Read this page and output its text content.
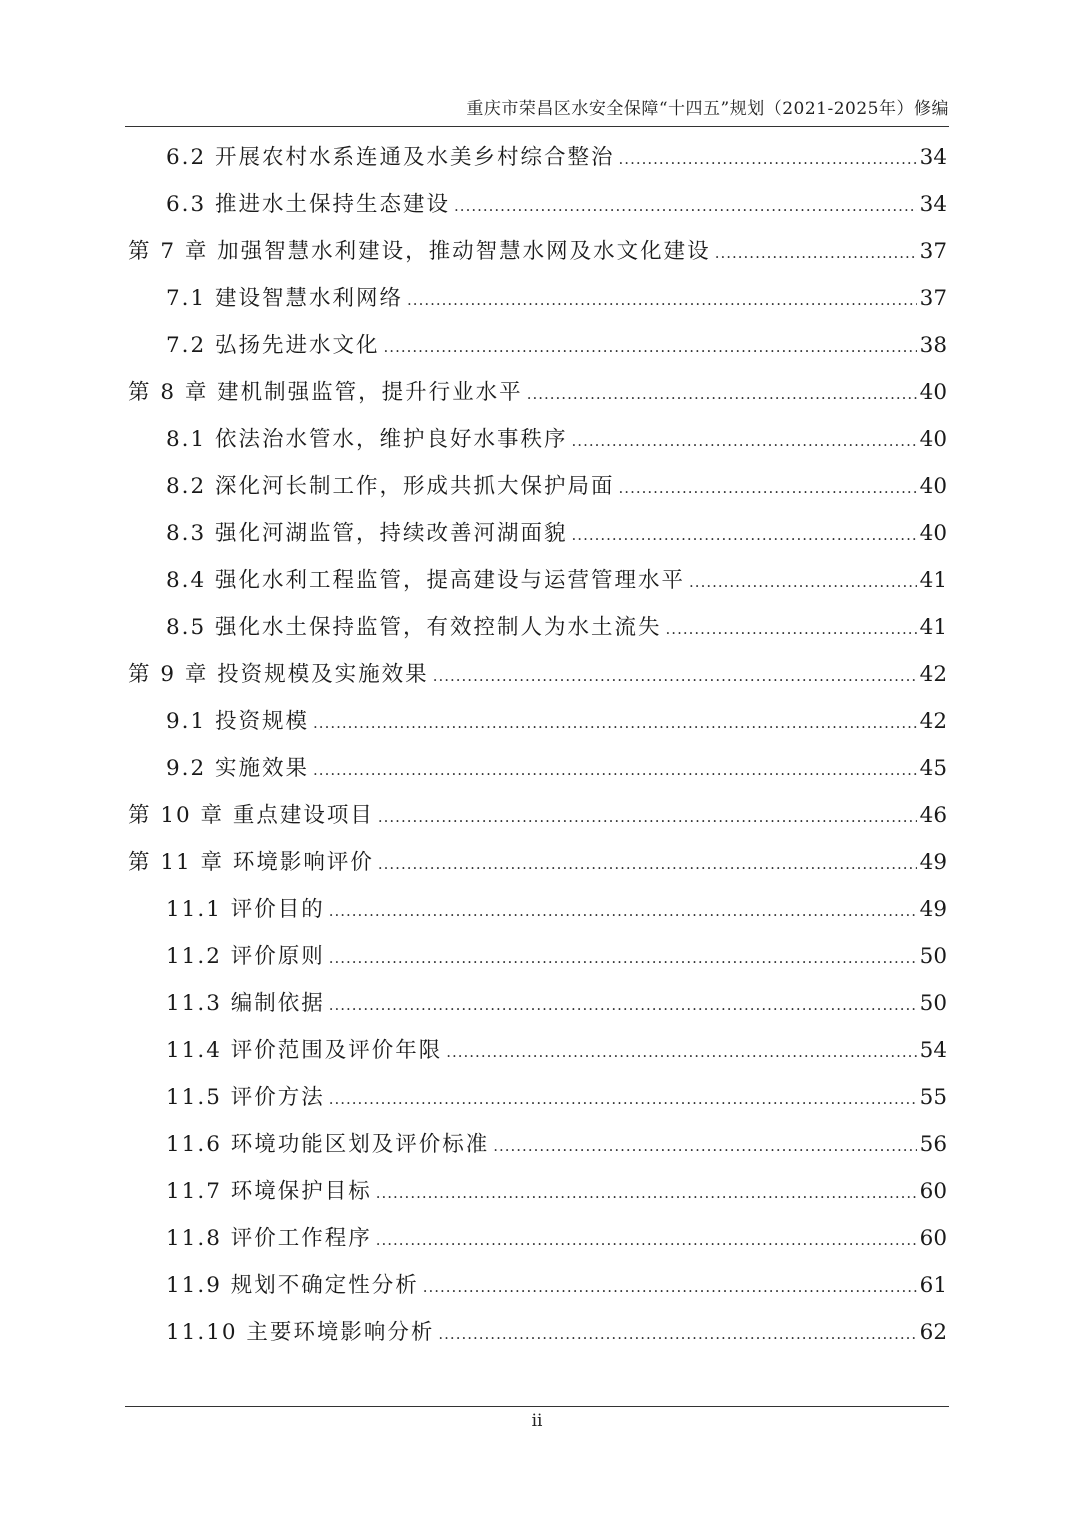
重庆市荣昌区水安全保障“十四五”规划（2021-2025年）修编
6.2 开展农村水系连通及水美乡村综合整治 .....	34
6.3 推进水土保持生态建设 .....	34
第 7 章 加强智慧水利建设，推动智慧水网及水文化建设 .....	37
7.1 建设智慧水利网络 .....	37
7.2 弘扬先进水文化 .....	38
第 8 章 建机制强监管，提升行业水平 .....	40
8.1 依法治水管水，维护良好水事秩序 .....	40
8.2 深化河长制工作，形成共抓大保护局面 .....	40
8.3 强化河湖监管，持续改善河湖面貌 .....	40
8.4 强化水利工程监管，提高建设与运营管理水平 .....	41
8.5 强化水土保持监管，有效控制人为水土流失 .....	41
第 9 章 投资规模及实施效果 .....	42
9.1 投资规模 .....	42
9.2 实施效果 .....	45
第 10 章 重点建设项目 .....	46
第 11 章 环境影响评价 .....	49
11.1 评价目的 .....	49
11.2 评价原则 .....	50
11.3 编制依据 .....	50
11.4 评价范围及评价年限 .....	54
11.5 评价方法 .....	55
11.6 环境功能区划及评价标准 .....	56
11.7 环境保护目标 .....	60
11.8 评价工作程序 .....	60
11.9 规划不确定性分析 .....	61
11.10 主要环境影响分析 .....	62
ii
